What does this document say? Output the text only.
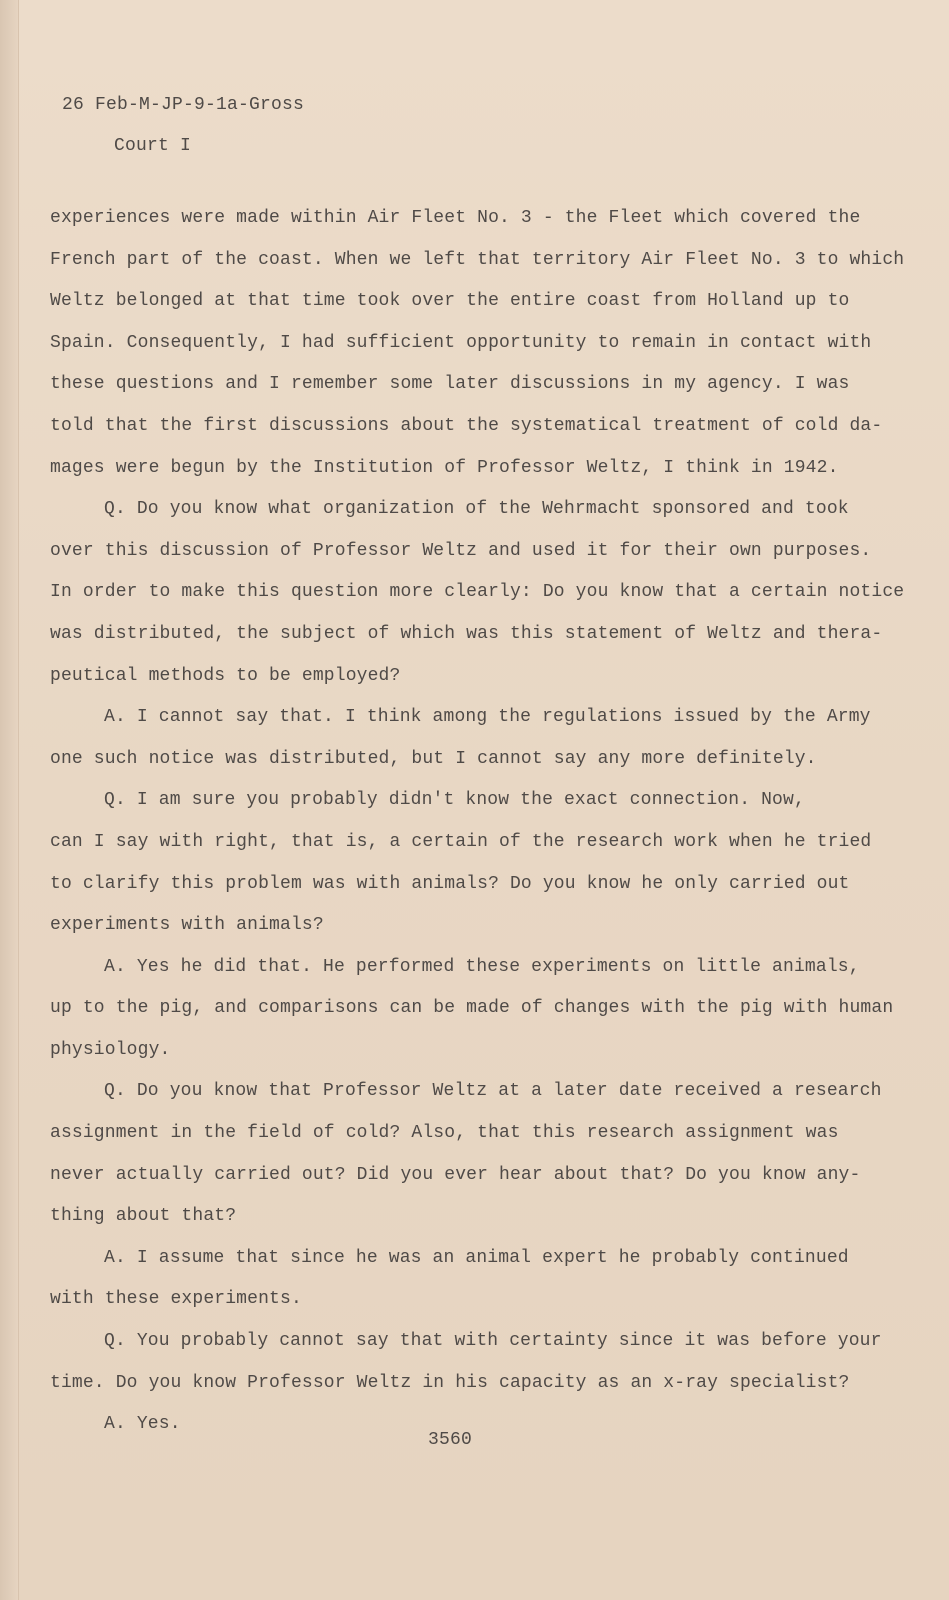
26 Feb-M-JP-9-1a-Gross
Court I
experiences were made within Air Fleet No. 3 - the Fleet which covered the
French part of the coast. When we left that territory Air Fleet No. 3 to which
Weltz belonged at that time took over the entire coast from Holland up to
Spain. Consequently, I had sufficient opportunity to remain in contact with
these questions and I remember some later discussions in my agency. I was
told that the first discussions about the systematical treatment of cold da-
mages were begun by the Institution of Professor Weltz, I think in 1942.
Q. Do you know what organization of the Wehrmacht sponsored and took
over this discussion of Professor Weltz and used it for their own purposes.
In order to make this question more clearly: Do you know that a certain notice
was distributed, the subject of which was this statement of Weltz and thera-
peutical methods to be employed?
A. I cannot say that. I think among the regulations issued by the Army
one such notice was distributed, but I cannot say any more definitely.
Q. I am sure you probably didn't know the exact connection. Now,
can I say with right, that is, a certain of the research work when he tried
to clarify this problem was with animals? Do you know he only carried out
experiments with animals?
A. Yes he did that. He performed these experiments on little animals,
up to the pig, and comparisons can be made of changes with the pig with human
physiology.
Q. Do you know that Professor Weltz at a later date received a research
assignment in the field of cold? Also, that this research assignment was
never actually carried out? Did you ever hear about that? Do you know any-
thing about that?
A. I assume that since he was an animal expert he probably continued
with these experiments.
Q. You probably cannot say that with certainty since it was before your
time. Do you know Professor Weltz in his capacity as an x-ray specialist?
A. Yes.
3560
